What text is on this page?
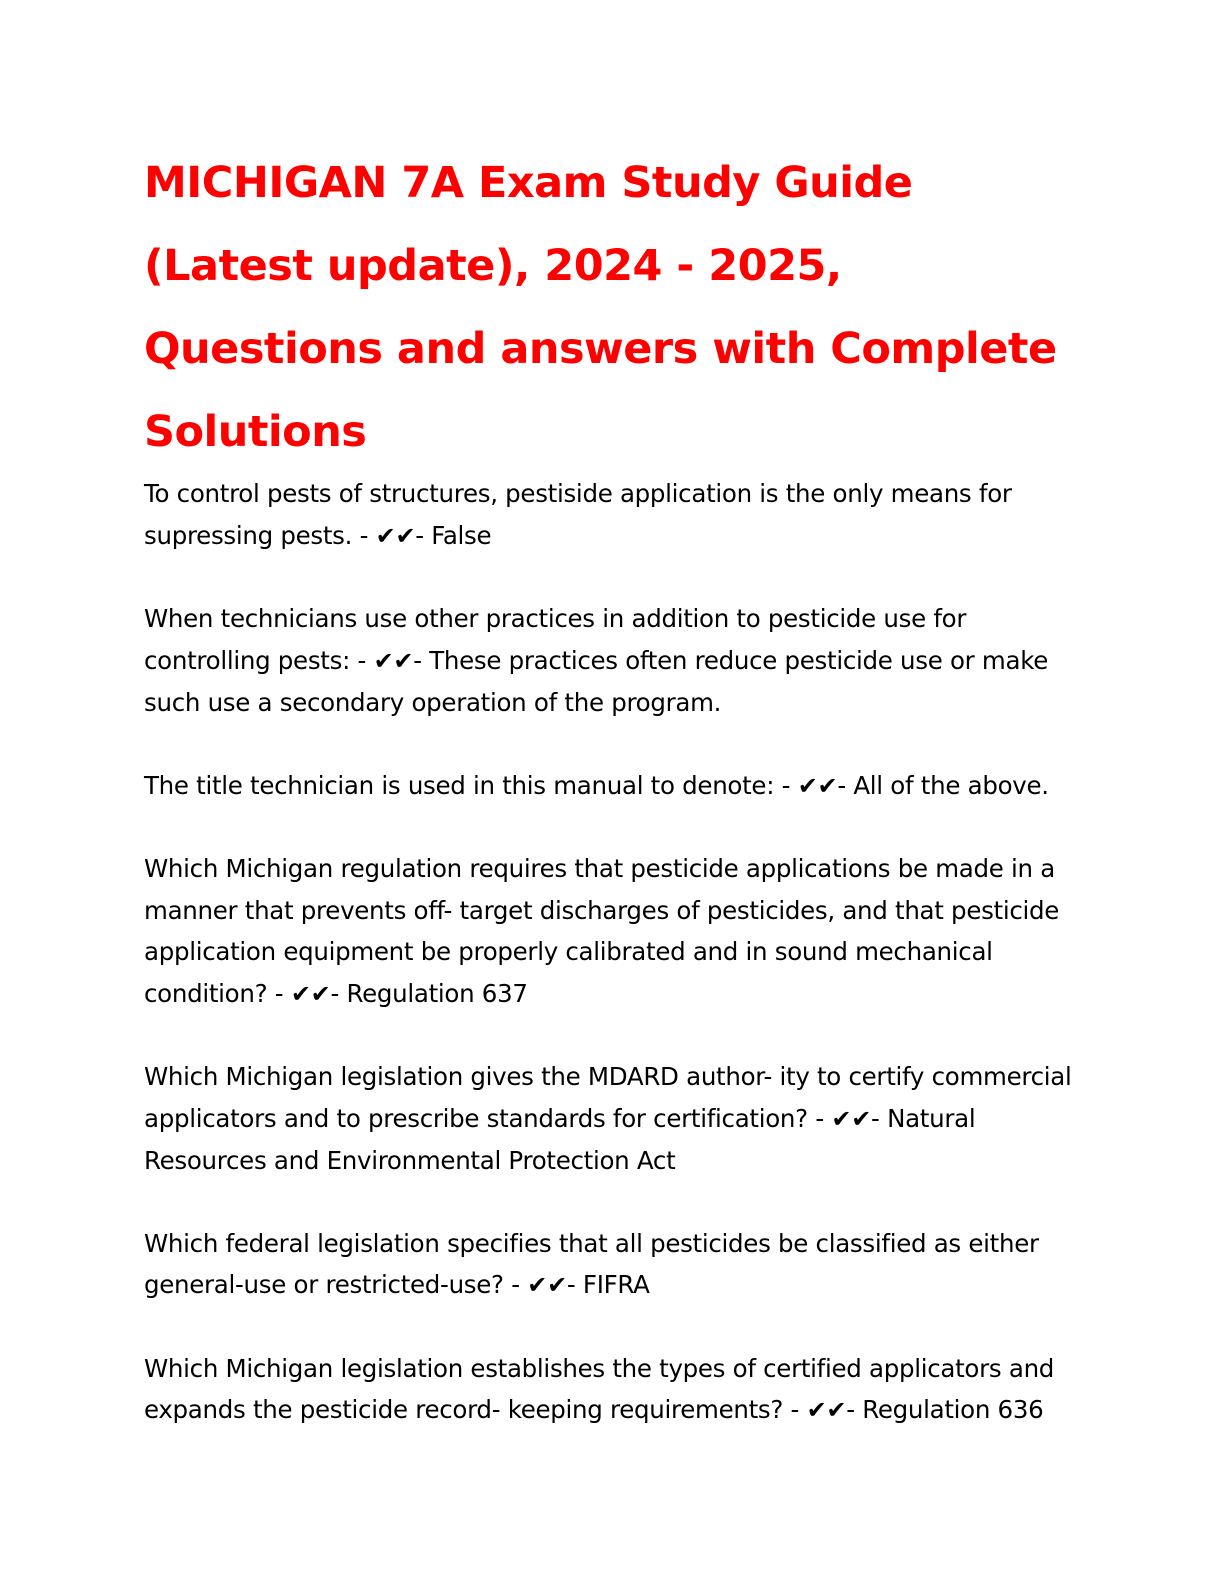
MICHIGAN 7A Exam Study Guide
(Latest update), 2024 - 2025,
Questions and answers with Complete
Solutions
To control pests of structures, pestiside application is the only means for supressing pests. - ✔✔- False
When technicians use other practices in addition to pesticide use for controlling pests: - ✔✔- These practices often reduce pesticide use or make such use a secondary operation of the program.
The title technician is used in this manual to denote: - ✔✔- All of the above.
Which Michigan regulation requires that pesticide applications be made in a manner that prevents off- target discharges of pesticides, and that pesticide application equipment be properly calibrated and in sound mechanical condition? - ✔✔- Regulation 637
Which Michigan legislation gives the MDARD author- ity to certify commercial applicators and to prescribe standards for certification? - ✔✔- Natural Resources and Environmental Protection Act
Which federal legislation specifies that all pesticides be classified as either general-use or restricted-use? - ✔✔- FIFRA
Which Michigan legislation establishes the types of certified applicators and expands the pesticide record- keeping requirements? - ✔✔- Regulation 636
